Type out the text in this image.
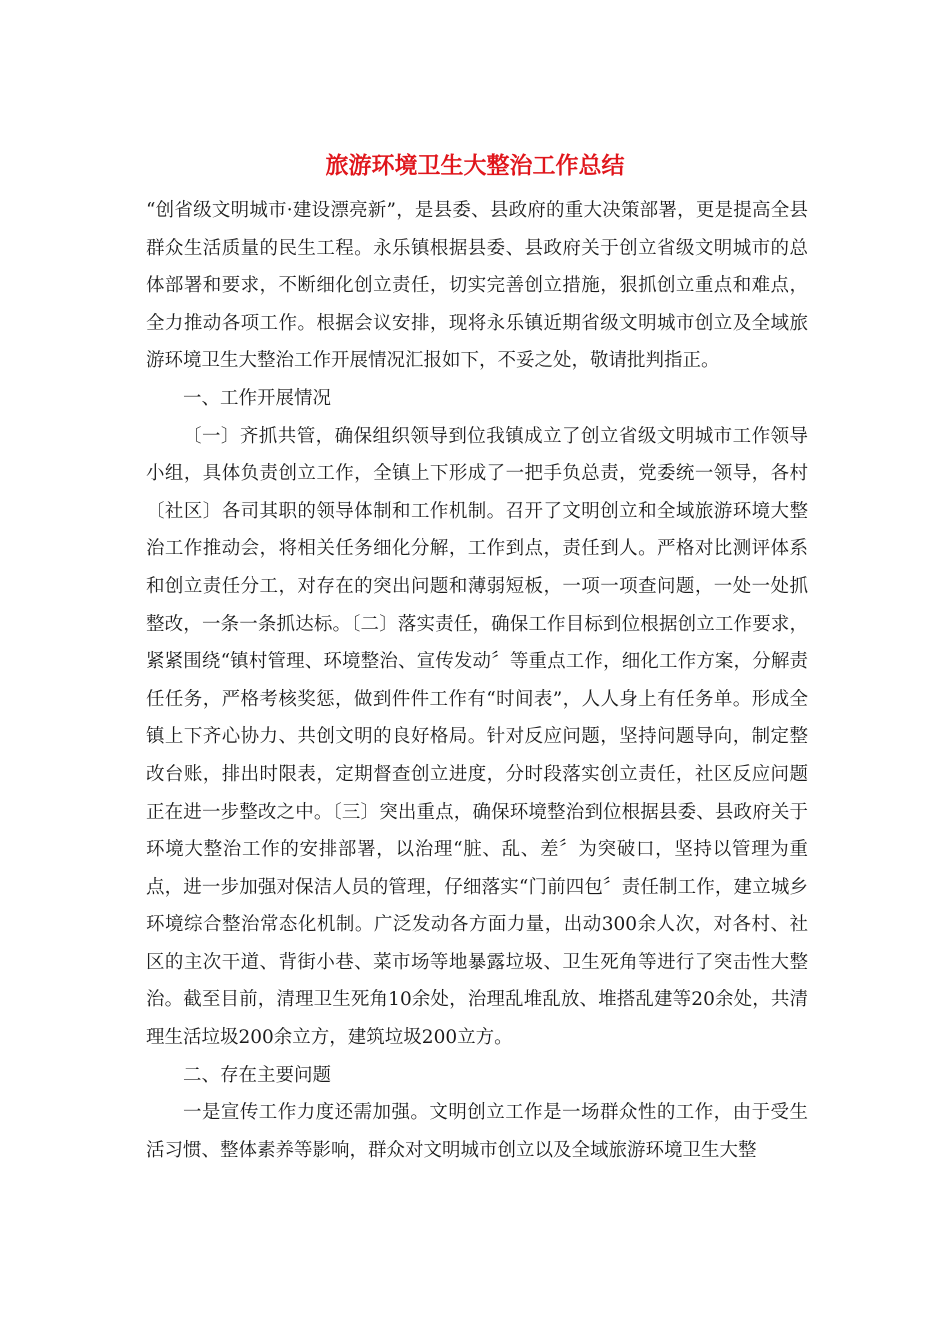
旅游环境卫生大整治工作总结

“创省级文明城市·建设漂亮新”，是县委、县政府的重大决策部署，更是提高全县群众生活质量的民生工程。永乐镇根据县委、县政府关于创立省级文明城市的总体部署和要求，不断细化创立责任，切实完善创立措施，狠抓创立重点和难点，全力推动各项工作。根据会议安排，现将永乐镇近期省级文明城市创立及全域旅游环境卫生大整治工作开展情况汇报如下，不妥之处，敬请批判指正。

一、工作开展情况

〔一〕齐抓共管，确保组织领导到位我镇成立了创立省级文明城市工作领导小组，具体负责创立工作，全镇上下形成了一把手负总责，党委统一领导，各村〔社区〕各司其职的领导体制和工作机制。召开了文明创立和全域旅游环境大整治工作推动会，将相关任务细化分解，工作到点，责任到人。严格对比测评体系和创立责任分工，对存在的突出问题和薄弱短板，一项一项查问题，一处一处抓整改，一条一条抓达标。〔二〕落实责任，确保工作目标到位根据创立工作要求，紧紧围绕“镇村管理、环境整治、宣传发动〞等重点工作，细化工作方案，分解责任任务，严格考核奖惩，做到件件工作有“时间表”，人人身上有任务单。形成全镇上下齐心协力、共创文明的良好格局。针对反应问题，坚持问题导向，制定整改台账，排出时限表，定期督查创立进度，分时段落实创立责任，社区反应问题正在进一步整改之中。〔三〕突出重点，确保环境整治到位根据县委、县政府关于环境大整治工作的安排部署，以治理“脏、乱、差〞为突破口，坚持以管理为重点，进一步加强对保洁人员的管理，仔细落实“门前四包〞责任制工作，建立城乡环境综合整治常态化机制。广泛发动各方面力量，出动300余人次，对各村、社区的主次干道、背街小巷、菜市场等地暴露垃圾、卫生死角等进行了突击性大整治。截至目前，清理卫生死角10余处，治理乱堆乱放、堆搭乱建等20余处，共清理生活垃圾200余立方，建筑垃圾200立方。

二、存在主要问题

一是宣传工作力度还需加强。文明创立工作是一场群众性的工作，由于受生活习惯、整体素养等影响，群众对文明城市创立以及全域旅游环境卫生大整
